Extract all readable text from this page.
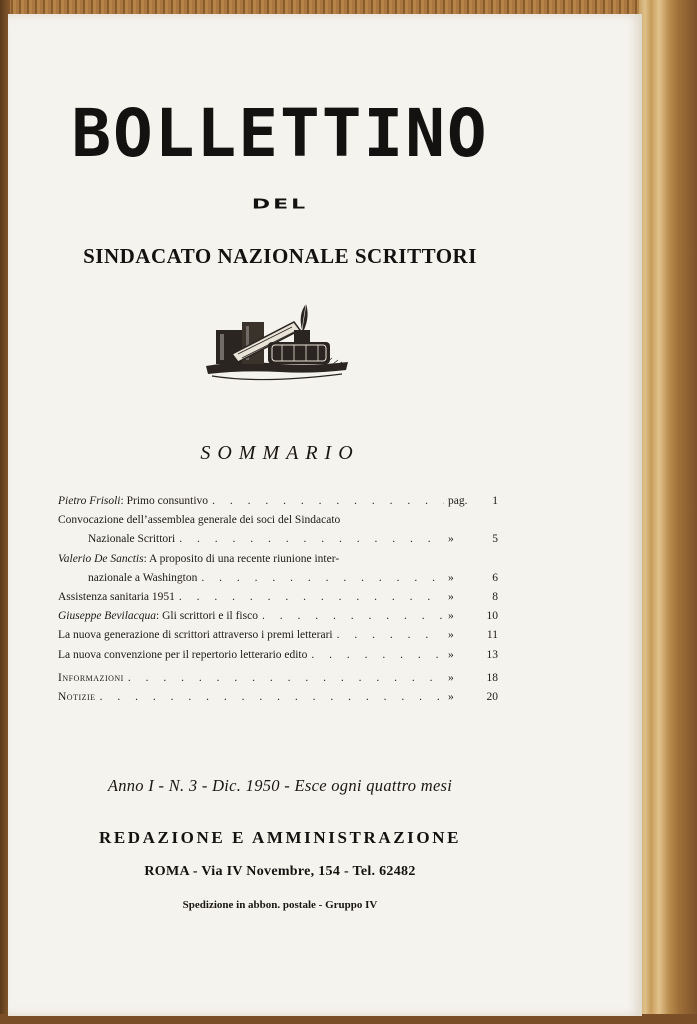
BOLLETTINO
DEL
SINDACATO NAZIONALE SCRITTORI
SOMMARIO
Pietro Frisoli: Primo consuntivo . . .	pag.	1
Convocazione dell’assemblea generale dei soci del Sindacato
Nazionale Scrittori . . .	»	5
Valerio De Sanctis: A proposito di una recente riunione inter-
nazionale a Washington . . .	»	6
Assistenza sanitaria 1951 . . .	»	8
Giuseppe Bevilacqua: Gli scrittori e il fisco . . .	»	10
La nuova generazione di scrittori attraverso i premi letterari . . .	»	11
La nuova convenzione per il repertorio letterario edito . . .	»	13
Informazioni . . .	»	18
Notizie . . .	»	20
Anno I - N. 3 - Dic. 1950 - Esce ogni quattro mesi
REDAZIONE E AMMINISTRAZIONE
ROMA - Via IV Novembre, 154 - Tel. 62482
Spedizione in abbon. postale - Gruppo IV
